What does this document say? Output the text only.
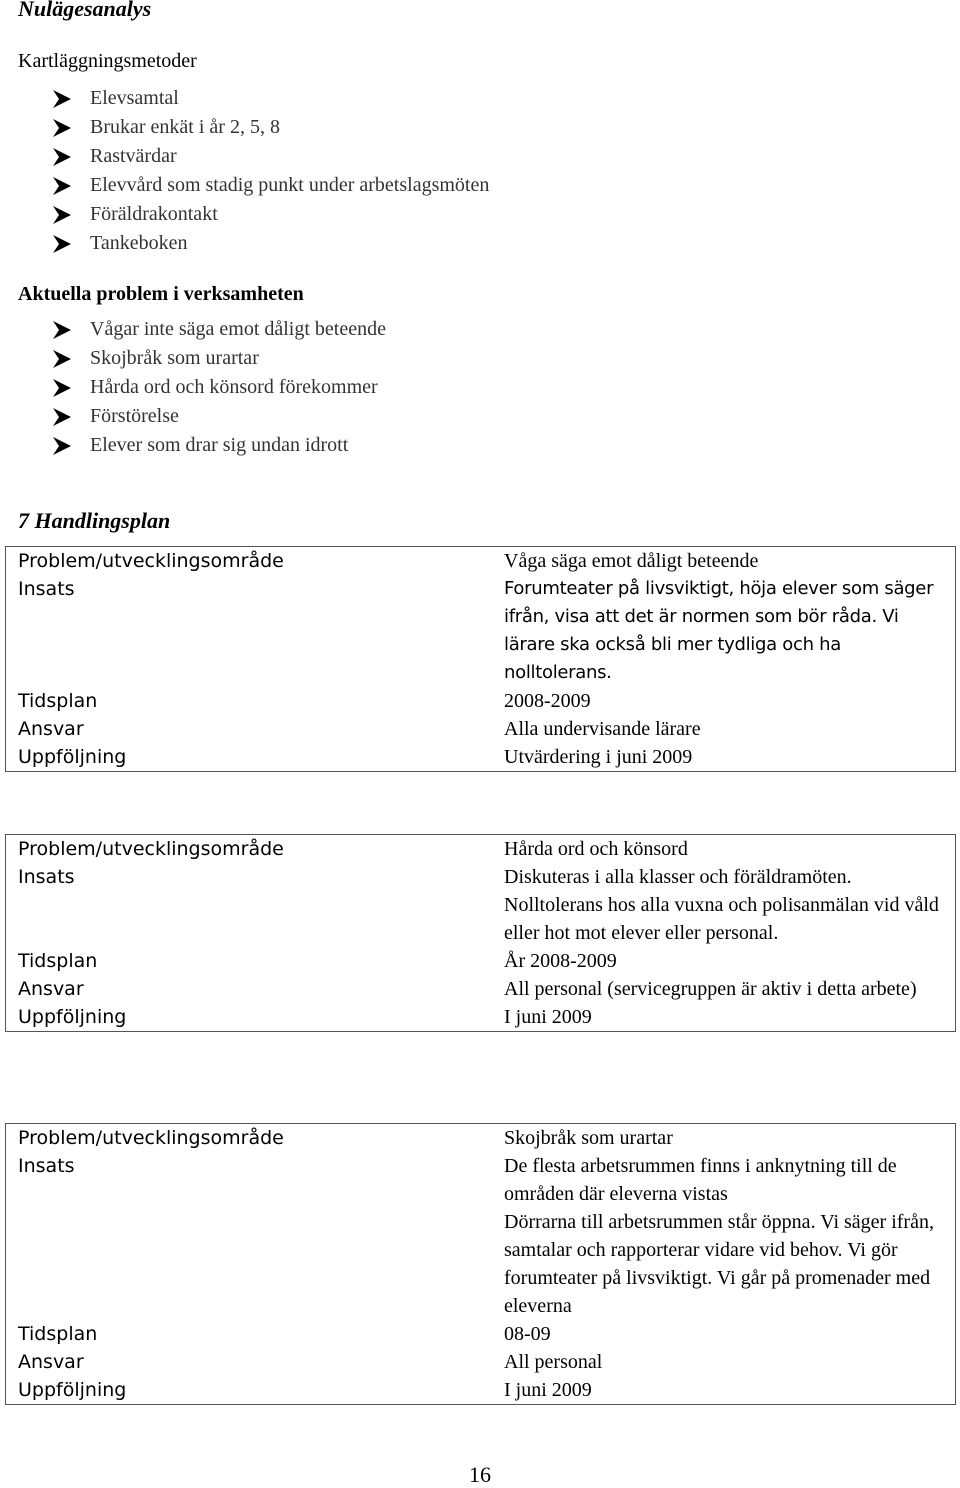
Nulägesanalys

Kartläggningsmetoder

Elevsamtal
Brukar enkät i år 2, 5, 8
Rastvärdar
Elevvård som stadig punkt under arbetslagsmöten
Föräldrakontakt
Tankeboken

Aktuella problem i verksamheten

Vågar inte säga emot dåligt beteende
Skojbråk som urartar
Hårda ord och könsord förekommer
Förstörelse
Elever som drar sig undan idrott
7 Handlingsplan
Problem/utvecklingsområde	Våga säga emot dåligt beteende
Insats	Forumteater på livsviktigt, höja elever som säger ifrån, visa att det är normen som bör råda. Vi lärare ska också bli mer tydliga och ha nolltolerans.
Tidsplan	2008-2009
Ansvar	Alla undervisande lärare
Uppföljning	Utvärdering i juni 2009
Problem/utvecklingsområde	Hårda ord och könsord
Insats	Diskuteras i alla klasser och föräldramöten. Nolltolerans hos alla vuxna och polisanmälan vid våld eller hot mot elever eller personal.
Tidsplan	År 2008-2009
Ansvar	All personal (servicegruppen är aktiv i detta arbete)
Uppföljning	I juni 2009
Problem/utvecklingsområde	Skojbråk som urartar
Insats	De flesta arbetsrummen finns i anknytning till de områden där eleverna vistas
Dörrarna till arbetsrummen står öppna. Vi säger ifrån, samtalar och rapporterar vidare vid behov. Vi gör forumteater på livsviktigt. Vi går på promenader med eleverna

Tidsplan	08-09
Ansvar	All personal
Uppföljning	I juni 2009
16
